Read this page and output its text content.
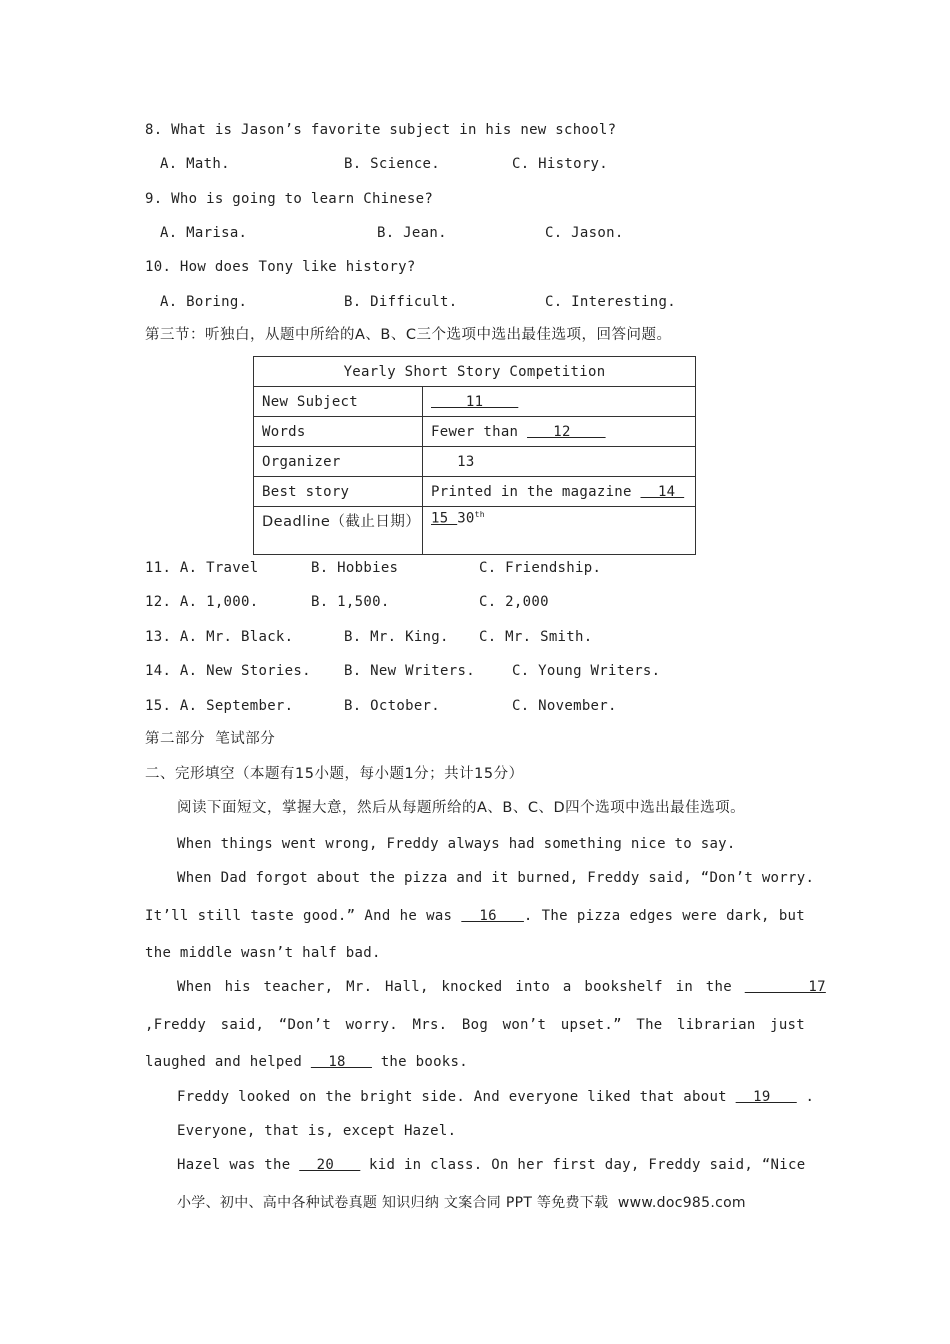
8. What is Jason’s favorite subject in his new school?
A. Math.	B. Science.	C. History.
9. Who is going to learn Chinese?
A. Marisa.	B. Jean.	C. Jason.
10. How does Tony like history?
A. Boring.	B. Difficult.	C. Interesting.
第三节：听独白，从题中所给的A、B、C三个选项中选出最佳选项，回答问题。
Yearly Short Story Competition	
New Subject	11
Words	Fewer than    12
Organizer	13
Best story	Printed in the magazine   14
Deadline（截止日期）	15 30th
11. A. Travel	B. Hobbies	C. Friendship.
12. A. 1,000.	B. 1,500.	C. 2,000
13. A. Mr. Black.	B. Mr. King. C. Mr. Smith.
14. A. New Stories. B. New Writers.	C. Young Writers.
15. A. September.	B. October.	C. November.
第二部分  笔试部分
二、完形填空（本题有15小题，每小题1分；共计15分）
阅读下面短文，掌握大意，然后从每题所给的A、B、C、D四个选项中选出最佳选项。
When things went wrong, Freddy always had something nice to say.
When Dad forgot about the pizza and it burned, Freddy said, “Don’t worry.
It’ll still taste good.” And he was   16   . The pizza edges were dark, but
the middle wasn’t half bad.
When his teacher, Mr. Hall, knocked into a bookshelf in the      17
,Freddy said, “Don’t worry. Mrs. Bog won’t upset.” The librarian just
laughed and helped   18    the books.
Freddy looked on the bright side. And everyone liked that about   19    .
Everyone, that is, except Hazel.
Hazel was the   20    kid in class. On her first day, Freddy said, “Nice
小学、初中、高中各种试卷真题 知识归纳 文案合同 PPT 等免费下载  www.doc985.com
